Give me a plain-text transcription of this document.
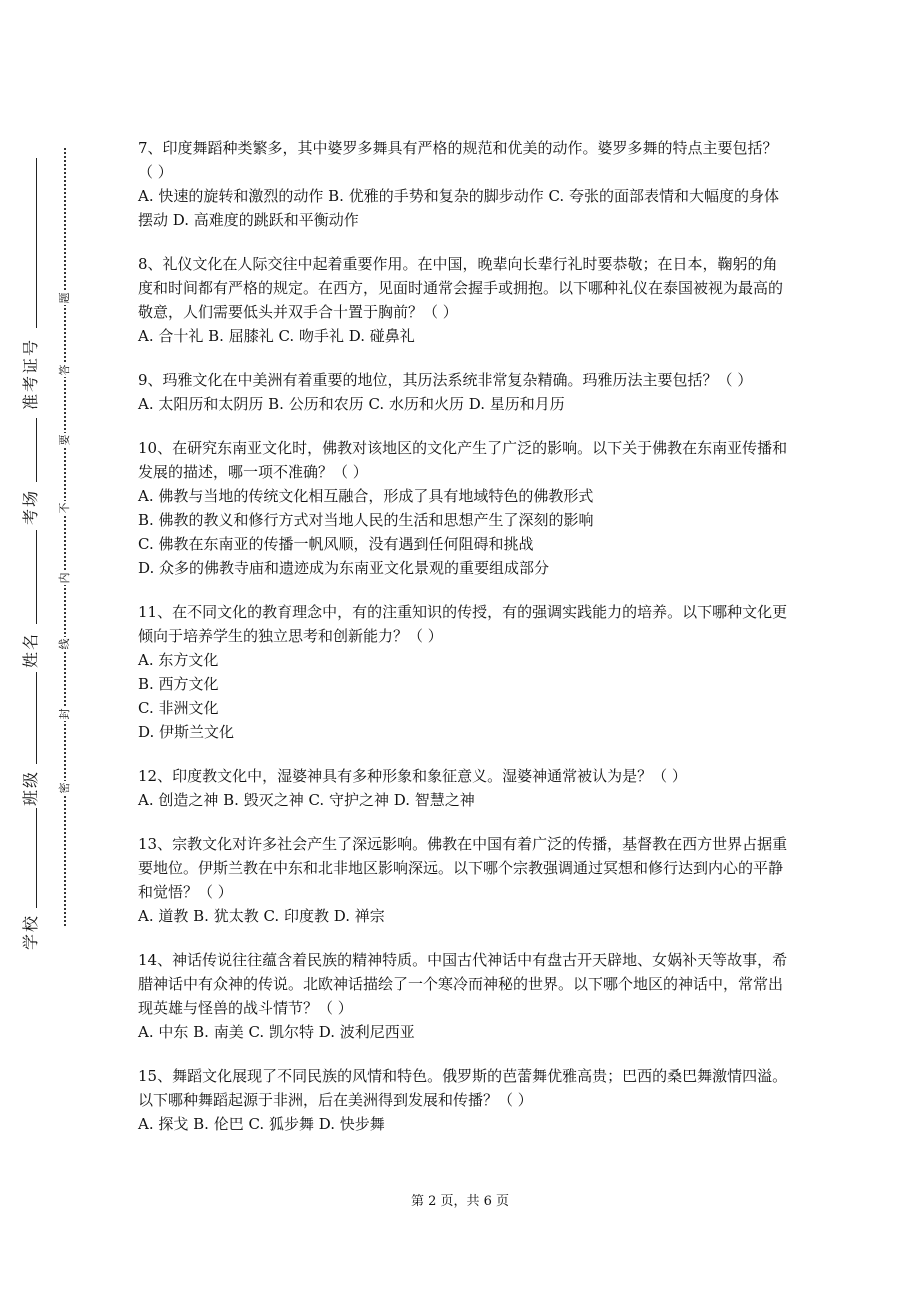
学校
班级
姓名
考场
准考证号
密
封
线
内
不
要
答
题

7、印度舞蹈种类繁多，其中婆罗多舞具有严格的规范和优美的动作。婆罗多舞的特点主要包括？（ ）

A. 快速的旋转和激烈的动作 B. 优雅的手势和复杂的脚步动作 C. 夸张的面部表情和大幅度的身体摆动 D. 高难度的跳跃和平衡动作

8、礼仪文化在人际交往中起着重要作用。在中国，晚辈向长辈行礼时要恭敬；在日本，鞠躬的角度和时间都有严格的规定。在西方，见面时通常会握手或拥抱。以下哪种礼仪在泰国被视为最高的敬意，人们需要低头并双手合十置于胸前？（ ）

A. 合十礼 B. 屈膝礼 C. 吻手礼 D. 碰鼻礼

9、玛雅文化在中美洲有着重要的地位，其历法系统非常复杂精确。玛雅历法主要包括？（ ）

A. 太阳历和太阴历 B. 公历和农历 C. 水历和火历 D. 星历和月历

10、在研究东南亚文化时，佛教对该地区的文化产生了广泛的影响。以下关于佛教在东南亚传播和发展的描述，哪一项不准确？（ ）

A. 佛教与当地的传统文化相互融合，形成了具有地域特色的佛教形式

B. 佛教的教义和修行方式对当地人民的生活和思想产生了深刻的影响

C. 佛教在东南亚的传播一帆风顺，没有遇到任何阻碍和挑战

D. 众多的佛教寺庙和遗迹成为东南亚文化景观的重要组成部分

11、在不同文化的教育理念中，有的注重知识的传授，有的强调实践能力的培养。以下哪种文化更倾向于培养学生的独立思考和创新能力？（ ）

A. 东方文化

B. 西方文化

C. 非洲文化

D. 伊斯兰文化

12、印度教文化中，湿婆神具有多种形象和象征意义。湿婆神通常被认为是？（ ）

A. 创造之神 B. 毁灭之神 C. 守护之神 D. 智慧之神

13、宗教文化对许多社会产生了深远影响。佛教在中国有着广泛的传播，基督教在西方世界占据重要地位。伊斯兰教在中东和北非地区影响深远。以下哪个宗教强调通过冥想和修行达到内心的平静和觉悟？（ ）

A. 道教 B. 犹太教 C. 印度教 D. 禅宗

14、神话传说往往蕴含着民族的精神特质。中国古代神话中有盘古开天辟地、女娲补天等故事，希腊神话中有众神的传说。北欧神话描绘了一个寒冷而神秘的世界。以下哪个地区的神话中，常常出现英雄与怪兽的战斗情节？（ ）

A. 中东 B. 南美 C. 凯尔特 D. 波利尼西亚

15、舞蹈文化展现了不同民族的风情和特色。俄罗斯的芭蕾舞优雅高贵；巴西的桑巴舞激情四溢。以下哪种舞蹈起源于非洲，后在美洲得到发展和传播？（ ）

A. 探戈 B. 伦巴 C. 狐步舞 D. 快步舞

第 2 页，共 6 页
